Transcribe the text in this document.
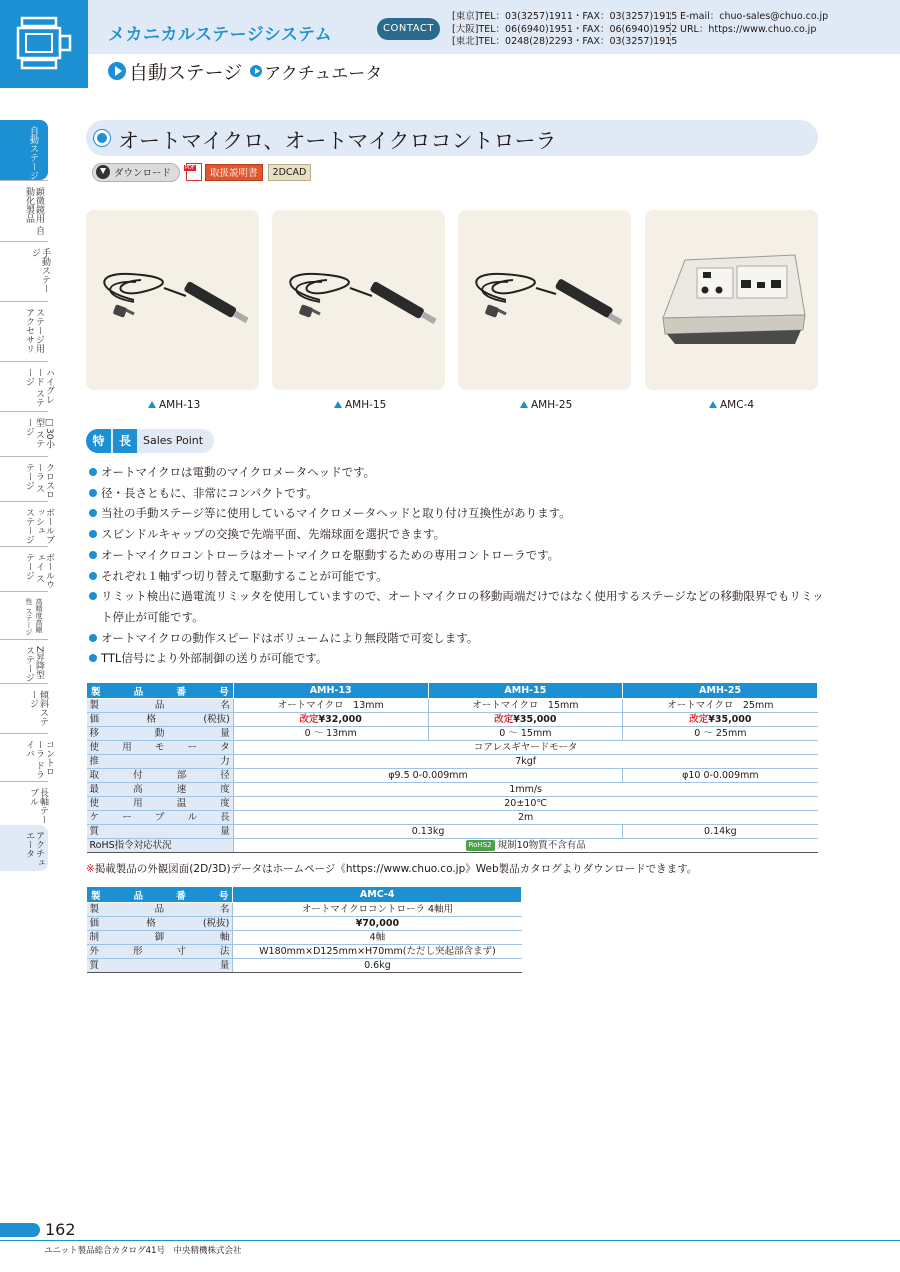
メカニカルステージシステム	CONTACT
[東京]TEL：03(3257)1911・FAX：03(3257)1915
[大阪]TEL：06(6940)1951・FAX：06(6940)1952
[東北]TEL：0248(28)2293・FAX：03(3257)1915
E-mail：chuo-sales@chuo.co.jp
URL：https://www.chuo.co.jp
自動ステージ アクチュエータ
自動ステージ
顕微鏡用 自動化製品
手動ステージ
ステージ用 アクセサリ
ハイグレード ステージ
□30小型 ステージ
クロスローラ ステージ
ボールブッシュ ステージ
ボールウェイ ステージ
高精度高剛性 ステージ
Z昇降型 ステージ
傾斜ステージ
コントローラ ドライバ
長軸テーブル
アクチュ エータ
オートマイクロ、オートマイクロコントローラ
ダウンロード PDF	取扱説明書	2DCAD
AMH-13	AMH-15	AMH-25	AMC-4
特	長	Sales Point
オートマイクロは電動のマイクロメータヘッドです。
径・長さともに、非常にコンパクトです。
当社の手動ステージ等に使用しているマイクロメータヘッドと取り付け互換性があります。
スピンドルキャップの交換で先端平面、先端球面を選択できます。
オートマイクロコントローラはオートマイクロを駆動するための専用コントローラです。
それぞれ１軸ずつ切り替えて駆動することが可能です。
リミット検出に過電流リミッタを使用していますので、オートマイクロの移動両端だけではなく使用するステージなどの移動限界でもリミット停止が可能です。
オートマイクロの動作スピードはボリュームにより無段階で可変します。
TTL信号により外部制御の送りが可能です。
製 品 番 号	AMH-13	AMH-15	AMH-25

製 品 名	オートマイクロ　13mm	オートマイクロ　15mm	オートマイクロ　25mm

価 格 (税抜)	改定¥32,000	改定¥35,000	改定¥35,000

移 動 量	0 ～ 13mm	0 ～ 15mm	0 ～ 25mm

使 用 モ ー タ	コアレスギヤードモータ		

推 力	7kgf		

取 付 部 径	φ9.5 0-0.009mm		φ10 0-0.009mm

最 高 速 度	1mm/s		

使 用 温 度	20±10℃		

ケ ー ブ ル 長	2m		

質 量	0.13kg		0.14kg

RoHS指令対応状況	RoHS2 規制10物質不含有品		
※掲載製品の外観図面(2D/3D)データはホームページ《https://www.chuo.co.jp》Web製品カタログよりダウンロードできます。
製 品 番 号	AMC-4

製 品 名	オートマイクロコントローラ 4軸用

価 格 (税抜)	¥70,000

制 御 軸	4軸

外 形 寸 法	W180mm×D125mm×H70mm(ただし突起部含まず)

質 量	0.6kg
162
ユニット製品総合カタログ41号　中央精機株式会社
